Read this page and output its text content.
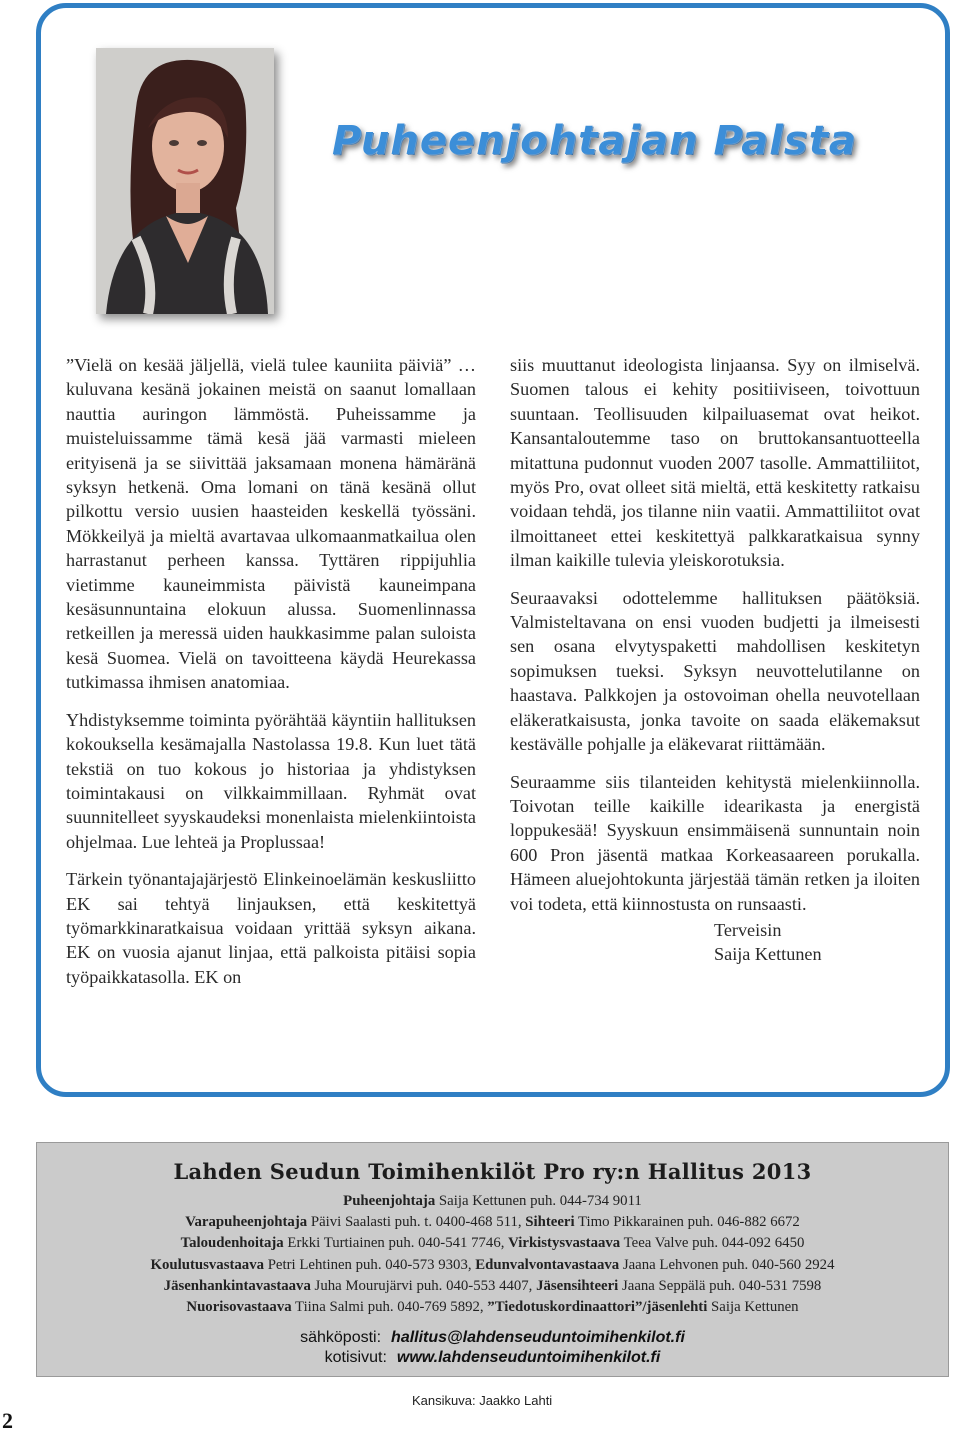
Puheenjohtajan Palsta

”Vielä on kesää jäljellä, vielä tulee kauniita päiviä” …kuluvana kesänä jokainen meistä on saanut lomallaan nauttia auringon lämmöstä. Puheissamme ja muisteluissamme tämä kesä jää varmasti mieleen erityisenä ja se siivittää jaksamaan monena hämäränä syksyn hetkenä. Oma lomani on tänä kesänä ollut pilkottu versio uusien haasteiden keskellä työssäni. Mökkeilyä ja mieltä avartavaa ulkomaanmatkailua olen harrastanut perheen kanssa. Tyttären rippijuhlia vietimme kauneimmista päivistä kauneimpana kesäsunnuntaina elokuun alussa. Suomenlinnassa retkeillen ja meressä uiden haukkasimme palan suloista kesä Suomea. Vielä on tavoitteena käydä Heurekassa tutkimassa ihmisen anatomiaa.

Yhdistyksemme toiminta pyörähtää käyntiin hallituksen kokouksella kesämajalla Nastolassa 19.8. Kun luet tätä tekstiä on tuo kokous jo historiaa ja yhdistyksen toimintakausi on vilkkaimmillaan. Ryhmät ovat suunnitelleet syyskaudeksi monenlaista mielenkiintoista ohjelmaa. Lue lehteä ja Proplussaa!

Tärkein työnantajajärjestö Elinkeinoelämän keskusliitto EK sai tehtyä linjauksen, että keskitettyä työmarkkinaratkaisua voidaan yrittää syksyn aikana. EK on vuosia ajanut linjaa, että palkoista pitäisi sopia työpaikkatasolla. EK on

siis muuttanut ideologista linjaansa. Syy on ilmiselvä. Suomen talous ei kehity positiiviseen, toivottuun suuntaan. Teollisuuden kilpailuasemat ovat heikot. Kansantaloutemme taso on bruttokansantuotteella mitattuna pudonnut vuoden 2007 tasolle. Ammattiliitot, myös Pro, ovat olleet sitä mieltä, että keskitetty ratkaisu voidaan tehdä, jos tilanne niin vaatii. Ammattiliitot ovat ilmoittaneet ettei keskitettyä palkkaratkaisua synny ilman kaikille tulevia yleiskorotuksia.

Seuraavaksi odottelemme hallituksen päätöksiä. Valmisteltavana on ensi vuoden budjetti ja ilmeisesti sen osana elvytyspaketti mahdollisen keskitetyn sopimuksen tueksi. Syksyn neuvottelutilanne on haastava. Palkkojen ja ostovoiman ohella neuvotellaan eläkeratkaisusta, jonka tavoite on saada eläkemaksut kestävälle pohjalle ja eläkevarat riittämään.

Seuraamme siis tilanteiden kehitystä mielenkiinnolla. Toivotan teille kaikille idearikasta ja energistä loppukesää! Syyskuun ensimmäisenä sunnuntain noin 600 Pron jäsentä matkaa Korkeasaareen porukalla. Hämeen aluejohtokunta järjestää tämän retken ja iloiten voi todeta, että kiinnostusta on runsaasti.

Terveisin
Saija Kettunen
Lahden Seudun Toimihenkilöt Pro ry:n Hallitus 2013
Puheenjohtaja Saija Kettunen puh. 044-734 9011
Varapuheenjohtaja Päivi Saalasti puh. t. 0400-468 511, Sihteeri Timo Pikkarainen puh. 046-882 6672
Taloudenhoitaja Erkki Turtiainen puh. 040-541 7746, Virkistysvastaava Teea Valve puh. 044-092 6450
Koulutusvastaava Petri Lehtinen puh. 040-573 9303, Edunvalvontavastaava Jaana Lehvonen puh. 040-560 2924
Jäsenhankintavastaava Juha Mourujärvi puh. 040-553 4407, Jäsensihteeri Jaana Seppälä puh. 040-531 7598
Nuorisovastaava Tiina Salmi puh. 040-769 5892, ”Tiedotuskordinaattori”/jäsenlehti Saija Kettunen
sähköposti: hallitus@lahdenseuduntoimihenkilot.fi
kotisivut: www.lahdenseuduntoimihenkilot.fi
Kansikuva: Jaakko Lahti
2
